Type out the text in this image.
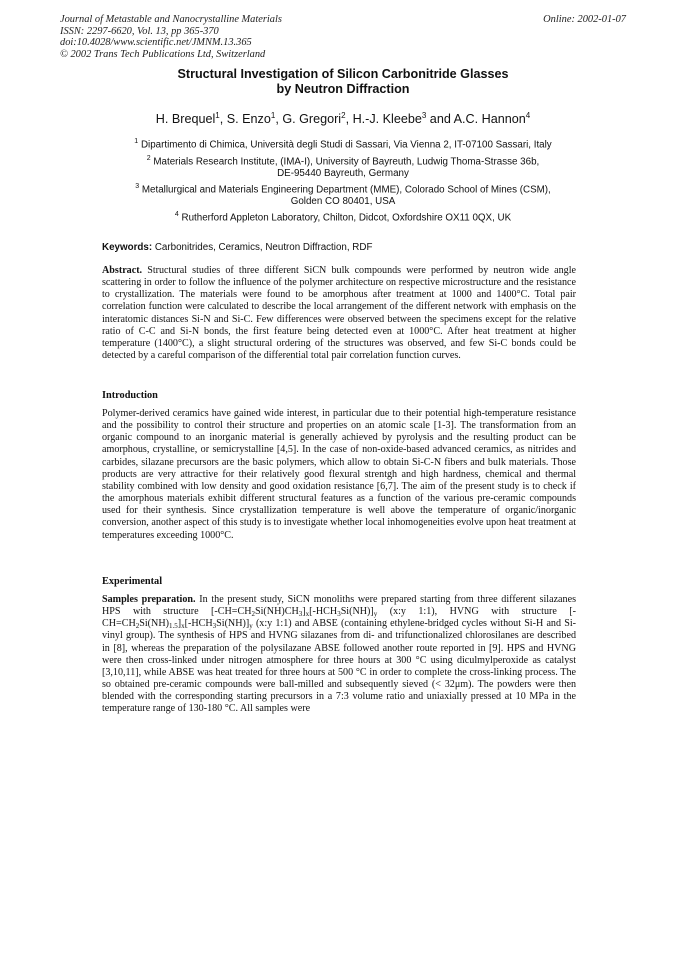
Journal of Metastable and Nanocrystalline Materials
ISSN: 2297-6620, Vol. 13, pp 365-370
doi:10.4028/www.scientific.net/JMNM.13.365
© 2002 Trans Tech Publications Ltd, Switzerland
Online: 2002-01-07
Structural Investigation of Silicon Carbonitride Glasses
by Neutron Diffraction
H. Brequel$^1$, S. Enzo$^1$, G. Gregori$^2$, H.-J. Kleebe$^3$ and A.C. Hannon$^4$
$^1$ Dipartimento di Chimica, Università degli Studi di Sassari, Via Vienna 2, IT-07100 Sassari, Italy
$^2$ Materials Research Institute, (IMA-I), University of Bayreuth, Ludwig Thoma-Strasse 36b,
DE-95440 Bayreuth, Germany
$^3$ Metallurgical and Materials Engineering Department (MME), Colorado School of Mines (CSM),
Golden CO 80401, USA
$^4$ Rutherford Appleton Laboratory, Chilton, Didcot, Oxfordshire OX11 0QX, UK
Keywords: Carbonitrides, Ceramics, Neutron Diffraction, RDF
Abstract. Structural studies of three different SiCN bulk compounds were performed by neutron wide angle scattering in order to follow the influence of the polymer architecture on respective microstructure and the resistance to crystallization. The materials were found to be amorphous after treatment at 1000 and 1400°C. Total pair correlation function were calculated to describe the local arrangement of the different network with emphasis on the interatomic distances Si-N and Si-C. Few differences were observed between the specimens except for the relative ratio of C-C and Si-N bonds, the first feature being detected even at 1000°C. After heat treatment at higher temperature (1400°C), a slight structural ordering of the structures was observed, and few Si-C bonds could be detected by a careful comparison of the differential total pair correlation function curves.
Introduction
Polymer-derived ceramics have gained wide interest, in particular due to their potential high-temperature resistance and the possibility to control their structure and properties on an atomic scale [1-3]. The transformation from an organic compound to an inorganic material is generally achieved by pyrolysis and the resulting product can be amorphous, crystalline, or semicrystalline [4,5]. In the case of non-oxide-based advanced ceramics, as nitrides and carbides, silazane precursors are the basic polymers, which allow to obtain Si-C-N fibers and bulk materials. Those products are very attractive for their relatively good flexural strentgh and high hardness, chemical and thermal stability combined with low density and good oxidation resistance [6,7]. The aim of the present study is to check if the amorphous materials exhibit different structural features as a function of the various pre-ceramic compounds used for their synthesis. Since crystallization temperature is well above the temperature of organic/inorganic conversion, another aspect of this study is to investigate whether local inhomogeneities evolve upon heat treatment at temperatures exceeding 1000°C.
Experimental
Samples preparation. In the present study, SiCN monoliths were prepared starting from three different silazanes HPS with structure $[-CH=CH_2Si(NH)CH_3]_x[-HCH_3Si(NH)]_y$ (x:y 1:1), HVNG with structure $[-CH=CH_2Si(NH)_{1.5}]_x[-HCH_3Si(NH)]_y$ (x:y 1:1) and ABSE (containing ethylene-bridged cycles without Si-H and Si-vinyl group). The synthesis of HPS and HVNG silazanes from di- and trifunctionalized chlorosilanes are described in [8], whereas the preparation of the polysilazane ABSE followed another route reported in [9]. HPS and HVNG were then cross-linked under nitrogen atmosphere for three hours at 300 °C using diculmylperoxide as catalyst [3,10,11], while ABSE was heat treated for three hours at 500 °C in order to complete the cross-linking process. The so obtained pre-ceramic compounds were ball-milled and subsequently sieved (< 32μm). The powders were then blended with the corresponding starting precursors in a 7:3 volume ratio and uniaxially pressed at 10 MPa in the temperature range of 130-180 °C. All samples were
